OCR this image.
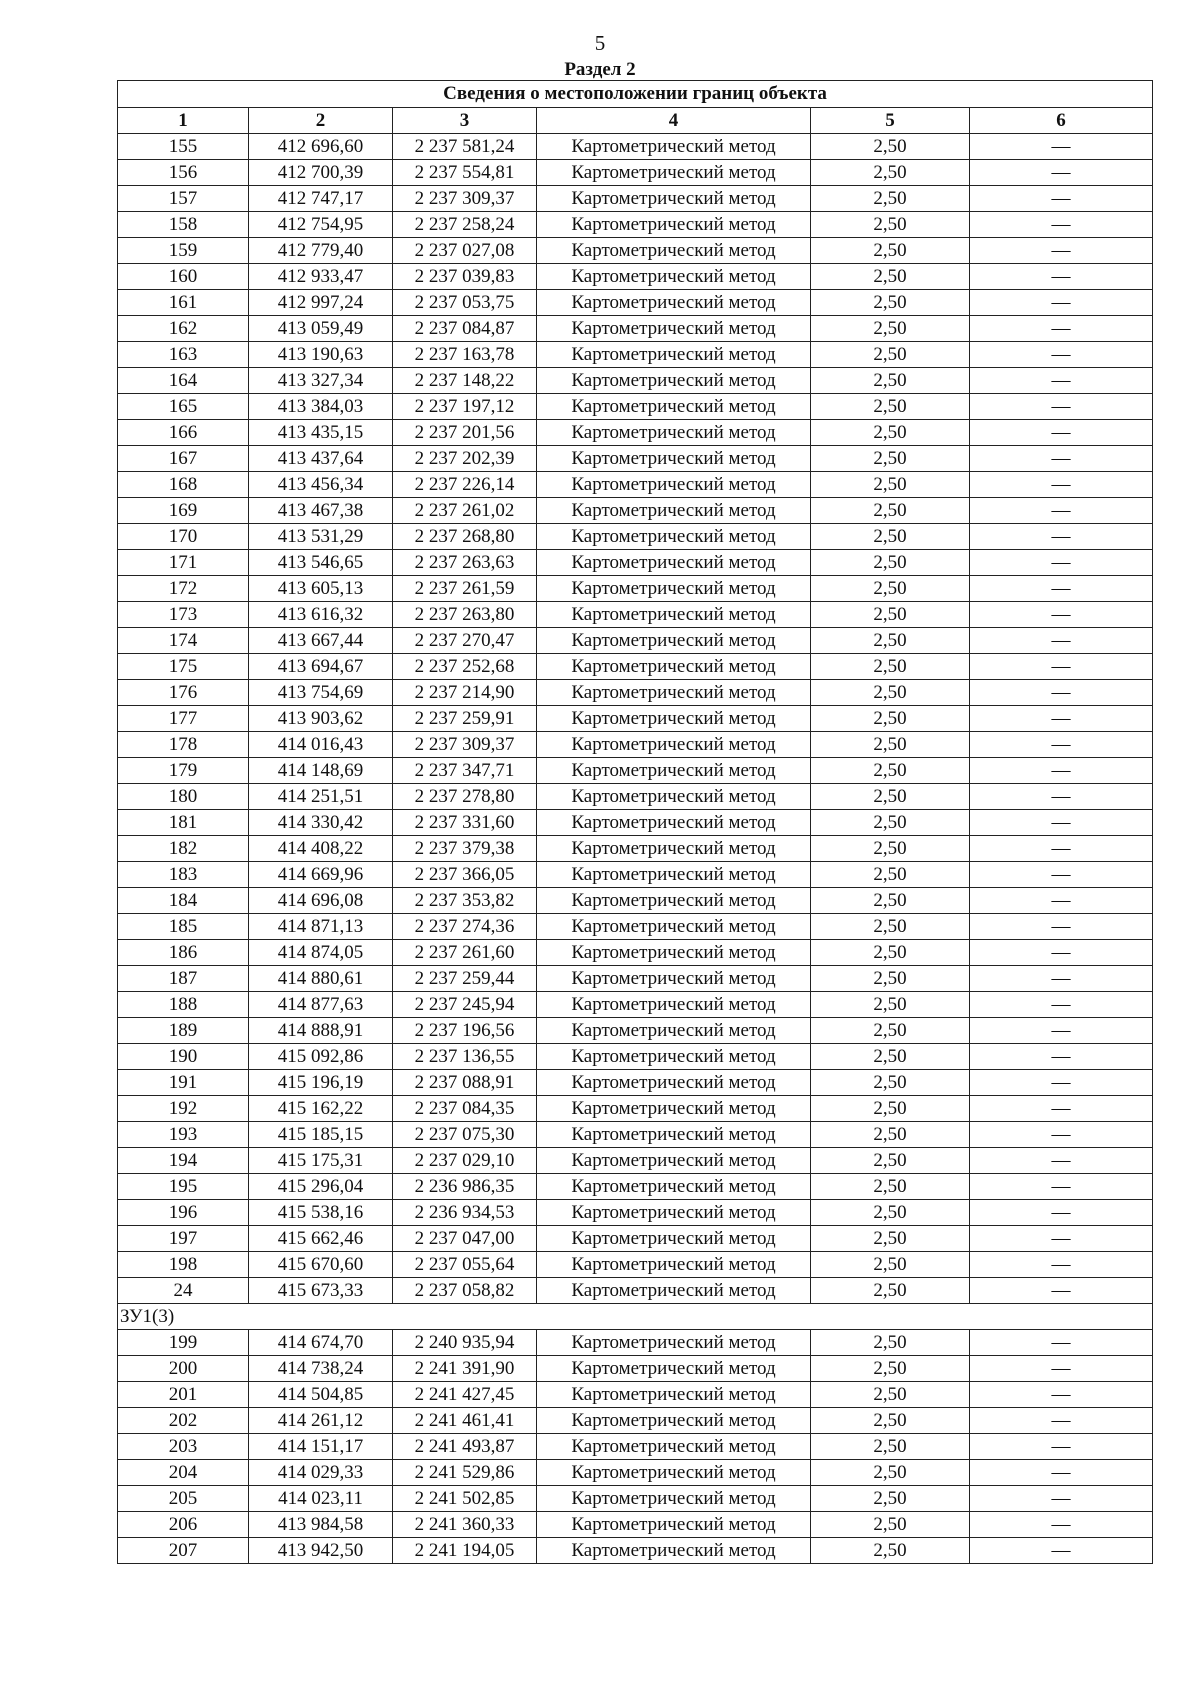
5
Раздел 2
Сведения о местоположении границ объекта					
1	2	3	4	5	6
155	412 696,60	2 237 581,24	Картометрический метод	2,50	—
156	412 700,39	2 237 554,81	Картометрический метод	2,50	—
157	412 747,17	2 237 309,37	Картометрический метод	2,50	—
158	412 754,95	2 237 258,24	Картометрический метод	2,50	—
159	412 779,40	2 237 027,08	Картометрический метод	2,50	—
160	412 933,47	2 237 039,83	Картометрический метод	2,50	—
161	412 997,24	2 237 053,75	Картометрический метод	2,50	—
162	413 059,49	2 237 084,87	Картометрический метод	2,50	—
163	413 190,63	2 237 163,78	Картометрический метод	2,50	—
164	413 327,34	2 237 148,22	Картометрический метод	2,50	—
165	413 384,03	2 237 197,12	Картометрический метод	2,50	—
166	413 435,15	2 237 201,56	Картометрический метод	2,50	—
167	413 437,64	2 237 202,39	Картометрический метод	2,50	—
168	413 456,34	2 237 226,14	Картометрический метод	2,50	—
169	413 467,38	2 237 261,02	Картометрический метод	2,50	—
170	413 531,29	2 237 268,80	Картометрический метод	2,50	—
171	413 546,65	2 237 263,63	Картометрический метод	2,50	—
172	413 605,13	2 237 261,59	Картометрический метод	2,50	—
173	413 616,32	2 237 263,80	Картометрический метод	2,50	—
174	413 667,44	2 237 270,47	Картометрический метод	2,50	—
175	413 694,67	2 237 252,68	Картометрический метод	2,50	—
176	413 754,69	2 237 214,90	Картометрический метод	2,50	—
177	413 903,62	2 237 259,91	Картометрический метод	2,50	—
178	414 016,43	2 237 309,37	Картометрический метод	2,50	—
179	414 148,69	2 237 347,71	Картометрический метод	2,50	—
180	414 251,51	2 237 278,80	Картометрический метод	2,50	—
181	414 330,42	2 237 331,60	Картометрический метод	2,50	—
182	414 408,22	2 237 379,38	Картометрический метод	2,50	—
183	414 669,96	2 237 366,05	Картометрический метод	2,50	—
184	414 696,08	2 237 353,82	Картометрический метод	2,50	—
185	414 871,13	2 237 274,36	Картометрический метод	2,50	—
186	414 874,05	2 237 261,60	Картометрический метод	2,50	—
187	414 880,61	2 237 259,44	Картометрический метод	2,50	—
188	414 877,63	2 237 245,94	Картометрический метод	2,50	—
189	414 888,91	2 237 196,56	Картометрический метод	2,50	—
190	415 092,86	2 237 136,55	Картометрический метод	2,50	—
191	415 196,19	2 237 088,91	Картометрический метод	2,50	—
192	415 162,22	2 237 084,35	Картометрический метод	2,50	—
193	415 185,15	2 237 075,30	Картометрический метод	2,50	—
194	415 175,31	2 237 029,10	Картометрический метод	2,50	—
195	415 296,04	2 236 986,35	Картометрический метод	2,50	—
196	415 538,16	2 236 934,53	Картометрический метод	2,50	—
197	415 662,46	2 237 047,00	Картометрический метод	2,50	—
198	415 670,60	2 237 055,64	Картометрический метод	2,50	—
24	415 673,33	2 237 058,82	Картометрический метод	2,50	—
ЗУ1(3)					
199	414 674,70	2 240 935,94	Картометрический метод	2,50	—
200	414 738,24	2 241 391,90	Картометрический метод	2,50	—
201	414 504,85	2 241 427,45	Картометрический метод	2,50	—
202	414 261,12	2 241 461,41	Картометрический метод	2,50	—
203	414 151,17	2 241 493,87	Картометрический метод	2,50	—
204	414 029,33	2 241 529,86	Картометрический метод	2,50	—
205	414 023,11	2 241 502,85	Картометрический метод	2,50	—
206	413 984,58	2 241 360,33	Картометрический метод	2,50	—
207	413 942,50	2 241 194,05	Картометрический метод	2,50	—
